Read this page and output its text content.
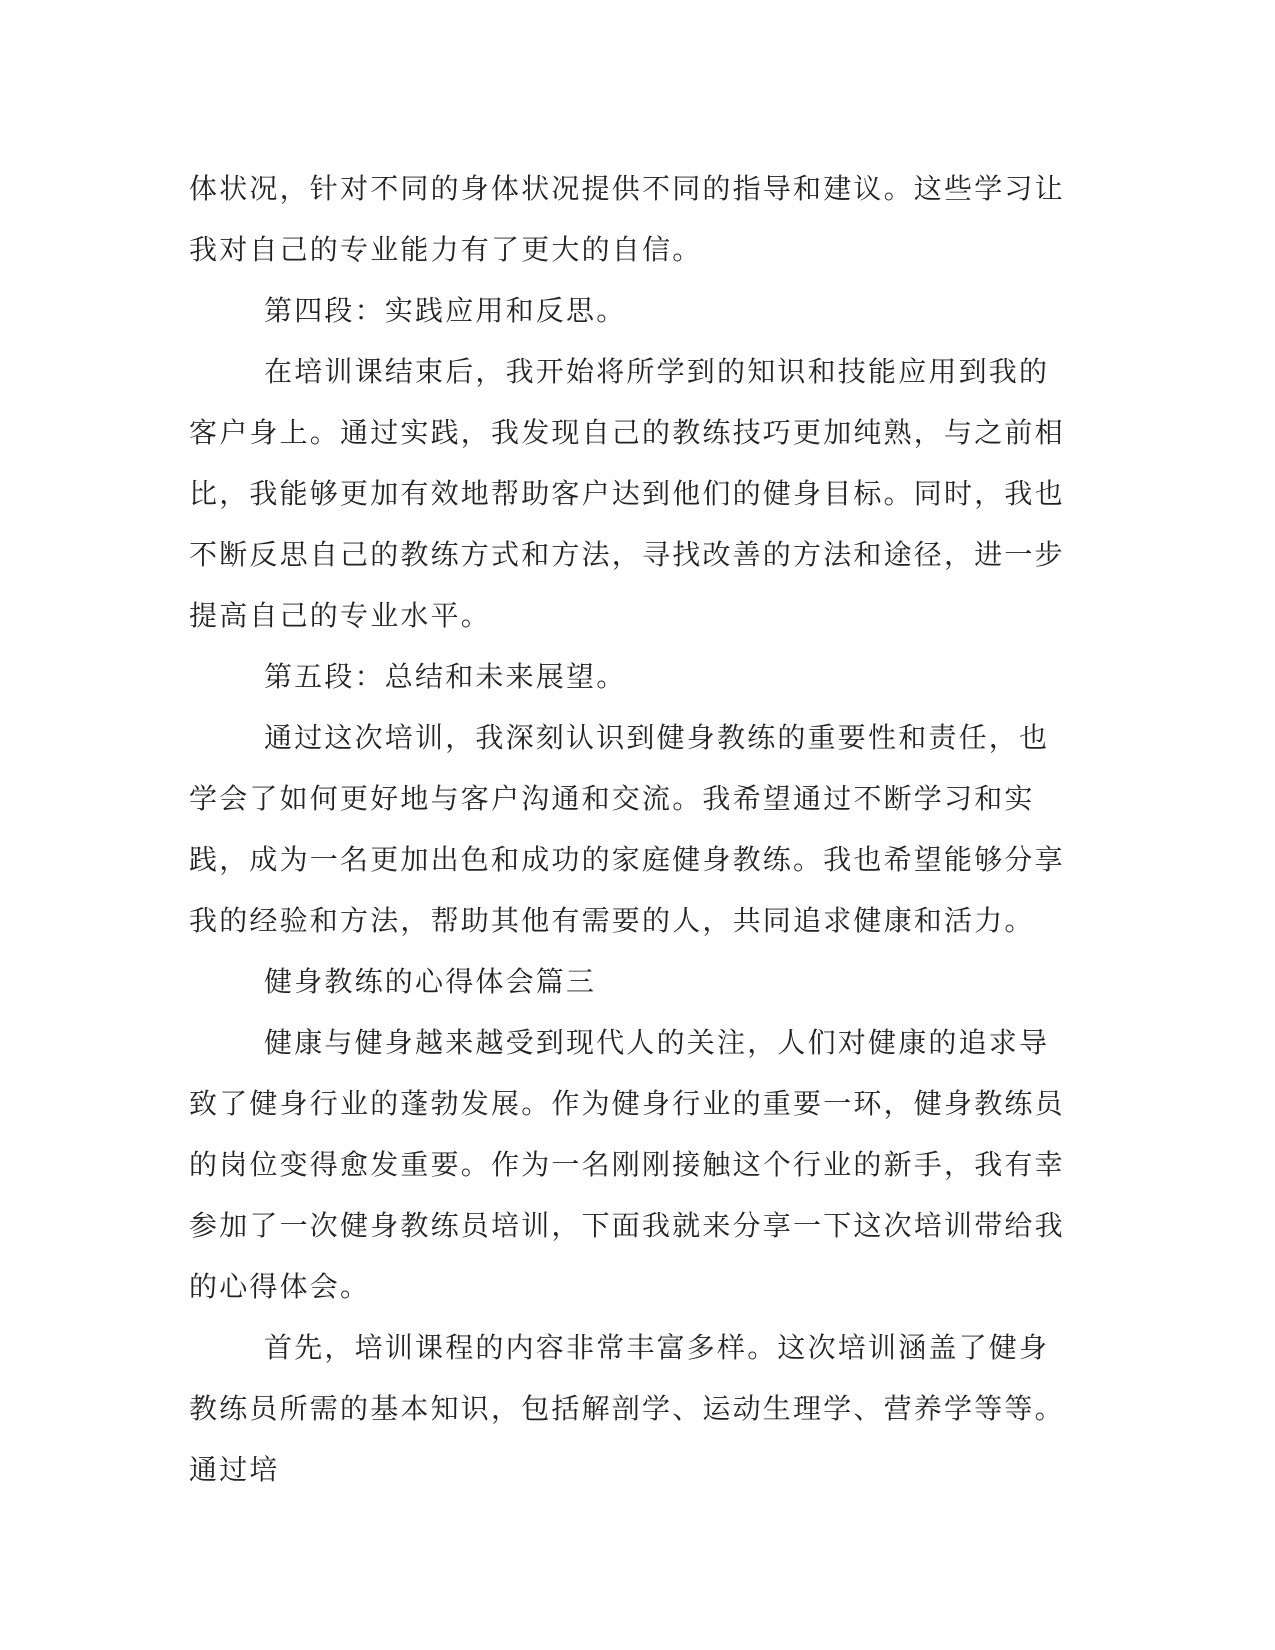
体状况，针对不同的身体状况提供不同的指导和建议。这些学习让我对自己的专业能力有了更大的自信。

第四段：实践应用和反思。

在培训课结束后，我开始将所学到的知识和技能应用到我的客户身上。通过实践，我发现自己的教练技巧更加纯熟，与之前相比，我能够更加有效地帮助客户达到他们的健身目标。同时，我也不断反思自己的教练方式和方法，寻找改善的方法和途径，进一步提高自己的专业水平。

第五段：总结和未来展望。

通过这次培训，我深刻认识到健身教练的重要性和责任，也学会了如何更好地与客户沟通和交流。我希望通过不断学习和实践，成为一名更加出色和成功的家庭健身教练。我也希望能够分享我的经验和方法，帮助其他有需要的人，共同追求健康和活力。

健身教练的心得体会篇三

健康与健身越来越受到现代人的关注，人们对健康的追求导致了健身行业的蓬勃发展。作为健身行业的重要一环，健身教练员的岗位变得愈发重要。作为一名刚刚接触这个行业的新手，我有幸参加了一次健身教练员培训，下面我就来分享一下这次培训带给我的心得体会。

首先，培训课程的内容非常丰富多样。这次培训涵盖了健身教练员所需的基本知识，包括解剖学、运动生理学、营养学等等。通过培
